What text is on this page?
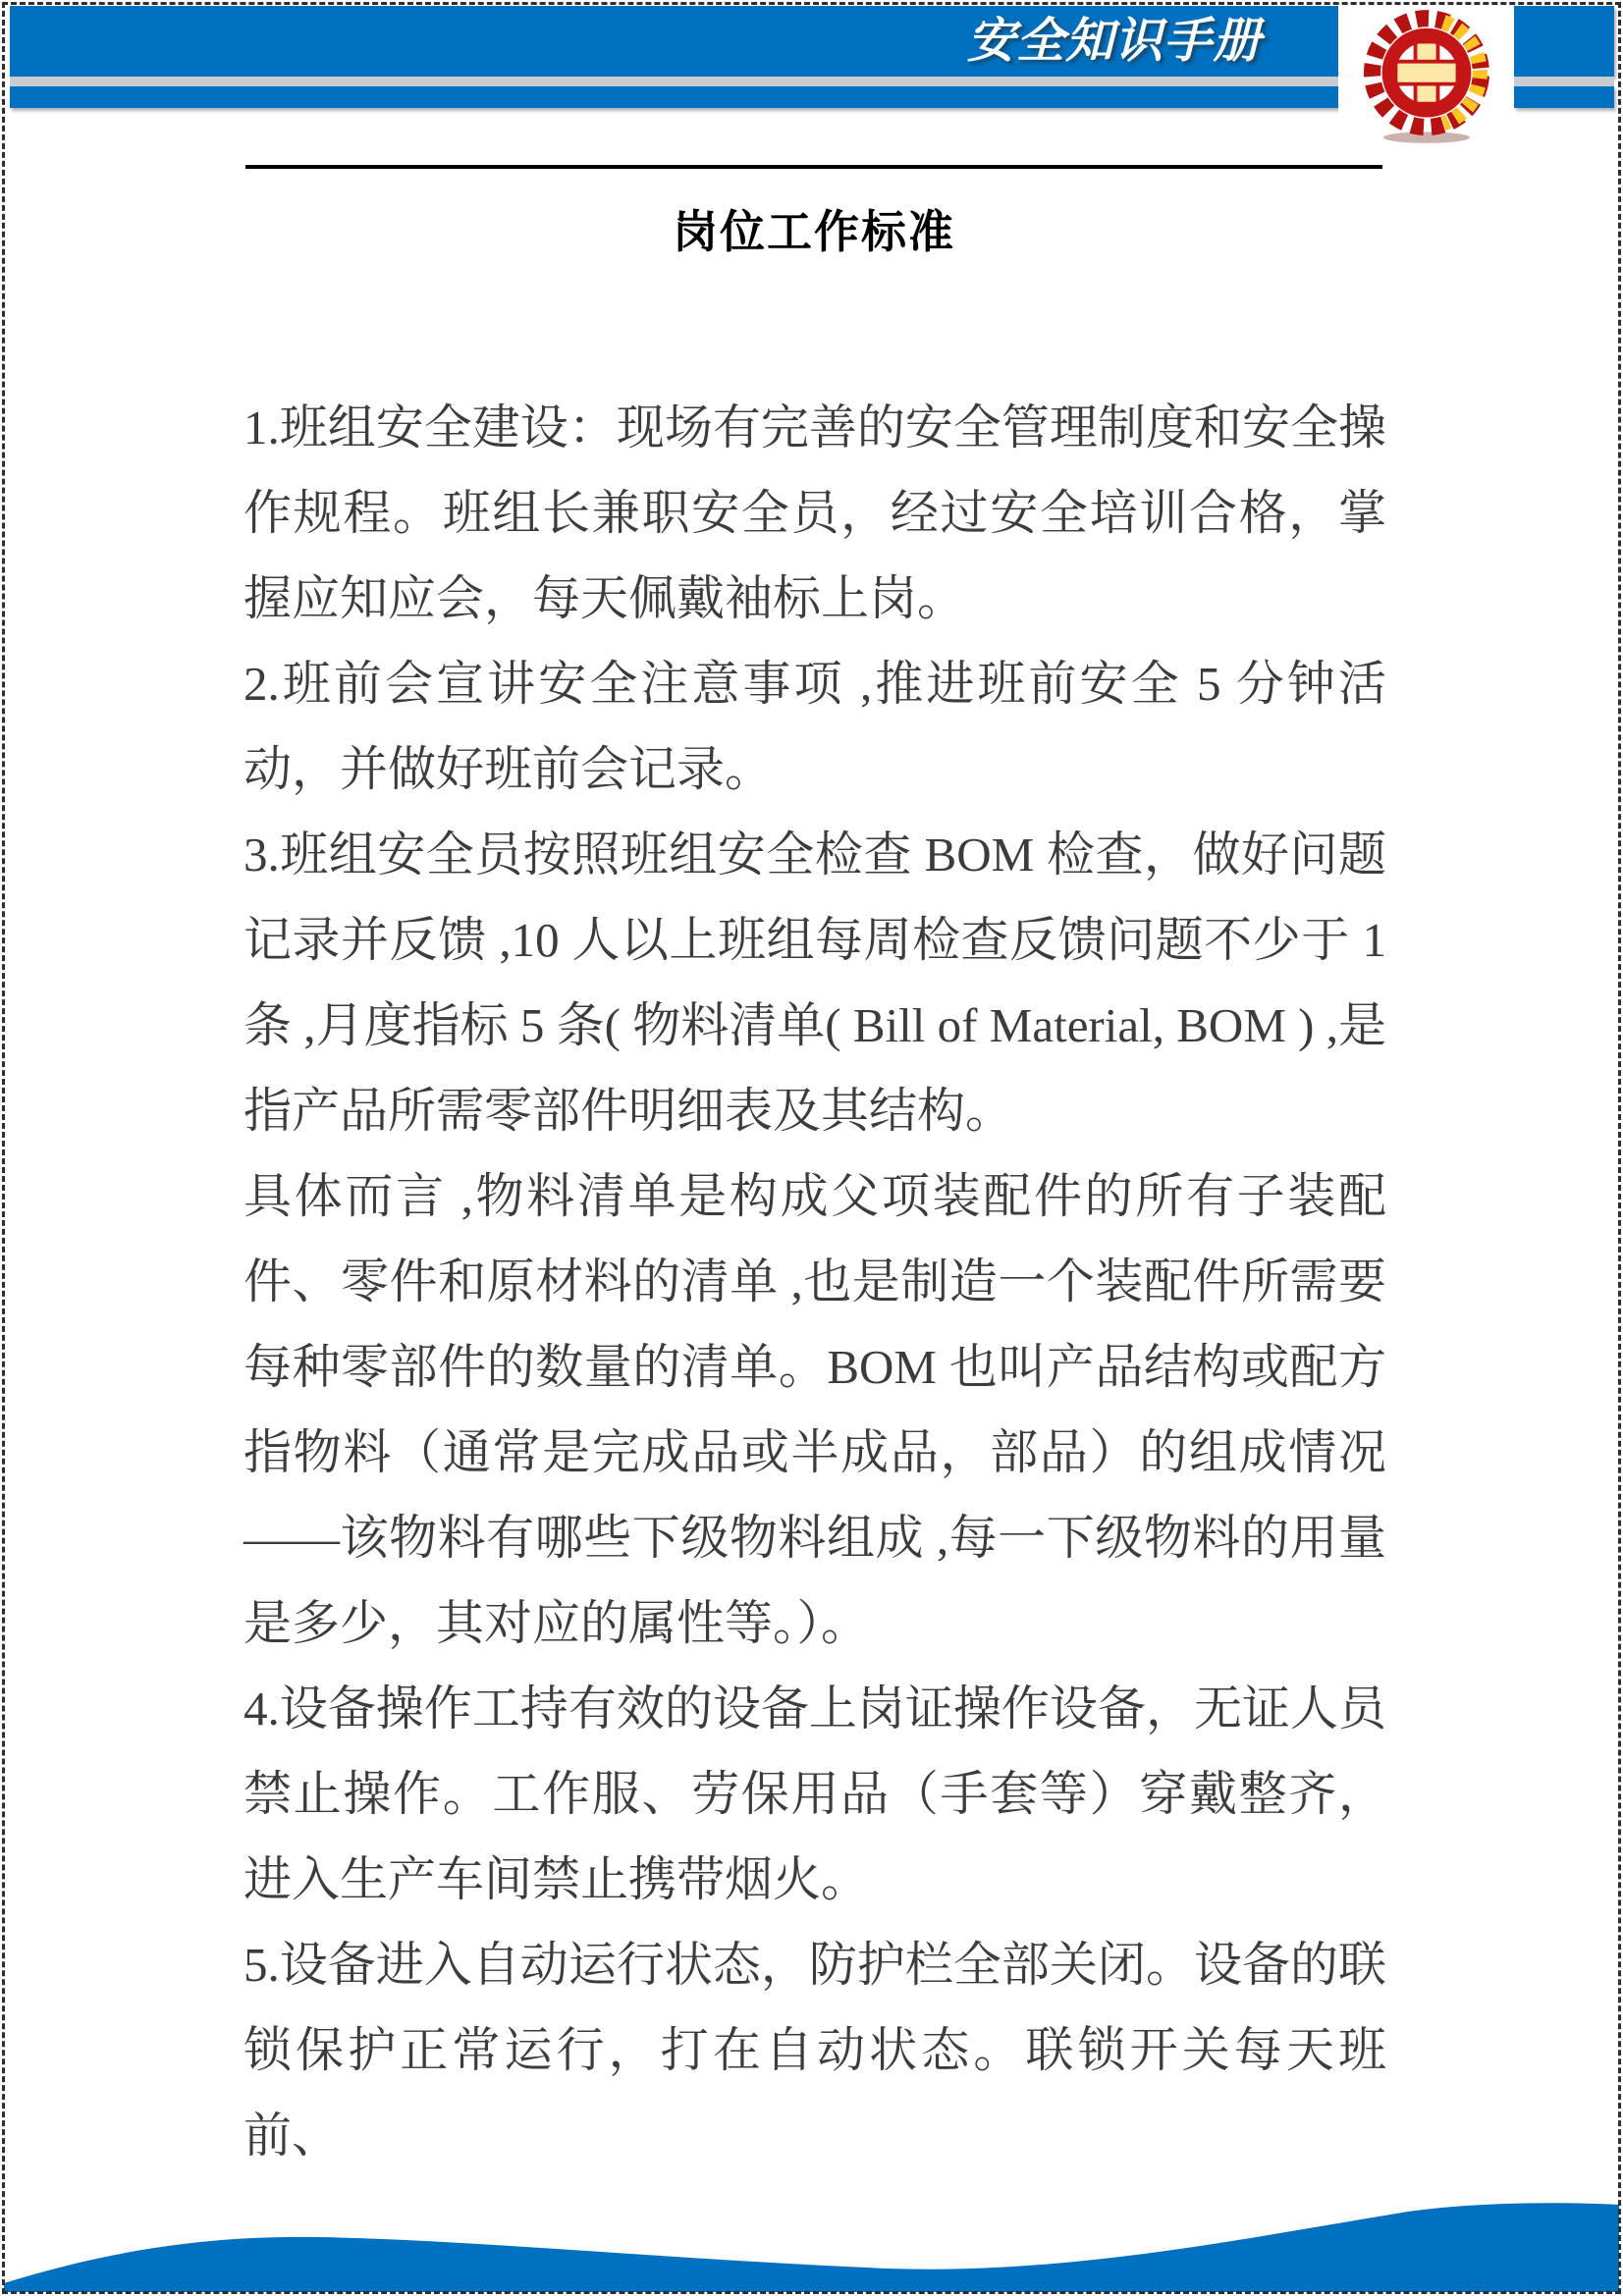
安全知识手册
岗位工作标准

1.班组安全建设：现场有完善的安全管理制度和安全操作规程。班组长兼职安全员，经过安全培训合格，掌握应知应会，每天佩戴袖标上岗。

2.班前会宣讲安全注意事项 ,推进班前安全 5 分钟活动，并做好班前会记录。

3.班组安全员按照班组安全检查 BOM 检查，做好问题记录并反馈 ,10 人以上班组每周检查反馈问题不少于 1 条 ,月度指标 5 条( 物料清单( Bill of Material, BOM ) ,是指产品所需零部件明细表及其结构。

具体而言 ,物料清单是构成父项装配件的所有子装配件、零件和原材料的清单 ,也是制造一个装配件所需要每种零部件的数量的清单。BOM 也叫产品结构或配方指物料（通常是完成品或半成品，部品）的组成情况——该物料有哪些下级物料组成 ,每一下级物料的用量是多少，其对应的属性等。）。

4.设备操作工持有效的设备上岗证操作设备，无证人员禁止操作。工作服、劳保用品（手套等）穿戴整齐，进入生产车间禁止携带烟火。

5.设备进入自动运行状态，防护栏全部关闭。设备的联锁保护正常运行，打在自动状态。联锁开关每天班前、
